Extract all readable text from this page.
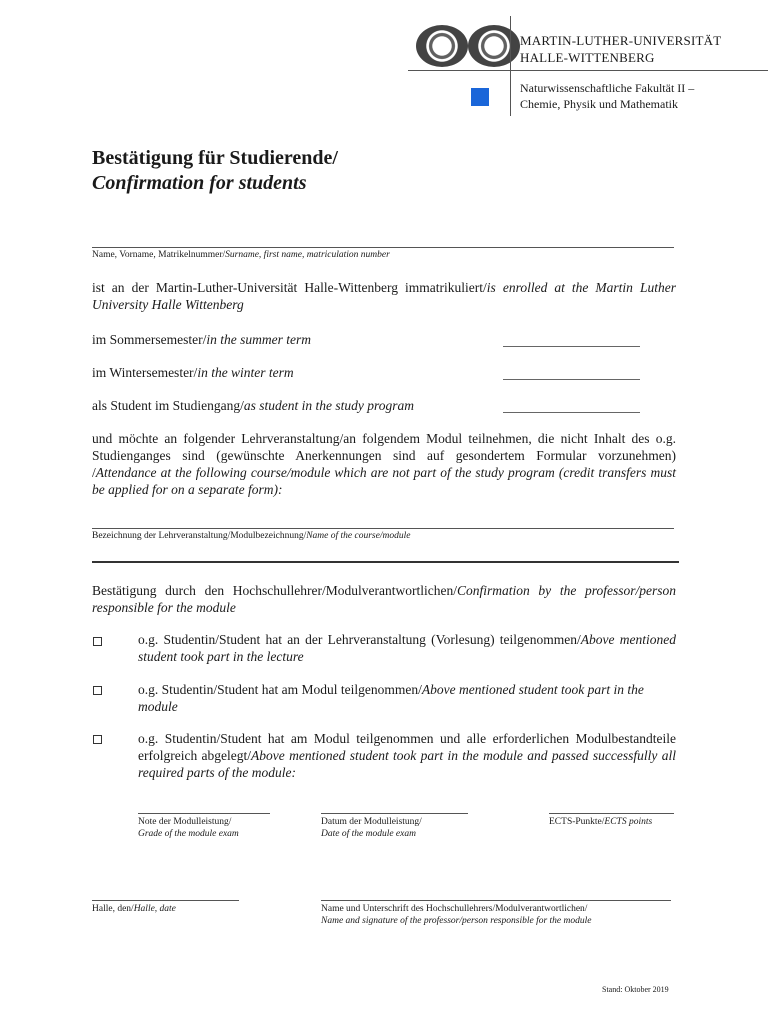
MARTIN-LUTHER-UNIVERSITÄT
HALLE-WITTENBERG
Naturwissenschaftliche Fakultät II –
Chemie, Physik und Mathematik
Bestätigung für Studierende/
Confirmation for students
Name, Vorname, Matrikelnummer/Surname, first name, matriculation number
ist an der Martin-Luther-Universität Halle-Wittenberg immatrikuliert/is enrolled at the Martin Luther University Halle Wittenberg
im Sommersemester/in the summer term
im Wintersemester/in the winter term
als Student im Studiengang/as student in the study program
und möchte an folgender Lehrveranstaltung/an folgendem Modul teilnehmen, die nicht Inhalt des o.g. Studienganges sind (gewünschte Anerkennungen sind auf gesondertem Formular vorzunehmen) /Attendance at the following course/module which are not part of the study program (credit transfers must be applied for on a separate form):
Bezeichnung der Lehrveranstaltung/Modulbezeichnung/Name of the course/module
Bestätigung durch den Hochschullehrer/Modulverantwortlichen/Confirmation by the professor/person responsible for the module
o.g. Studentin/Student hat an der Lehrveranstaltung (Vorlesung) teilgenommen/Above mentioned student took part in the lecture
o.g. Studentin/Student hat am Modul teilgenommen/Above mentioned student took part in the module
o.g. Studentin/Student hat am Modul teilgenommen und alle erforderlichen Modulbestandteile erfolgreich abgelegt/Above mentioned student took part in the module and passed successfully all required parts of the module:
Note der Modulleistung/
Grade of the module exam
Datum der Modulleistung/
Date of the module exam
ECTS-Punkte/ECTS points
Halle, den/Halle, date	Name und Unterschrift des Hochschullehrers/Modulverantwortlichen/
Name and signature of the professor/person responsible for the module
Stand: Oktober 2019
